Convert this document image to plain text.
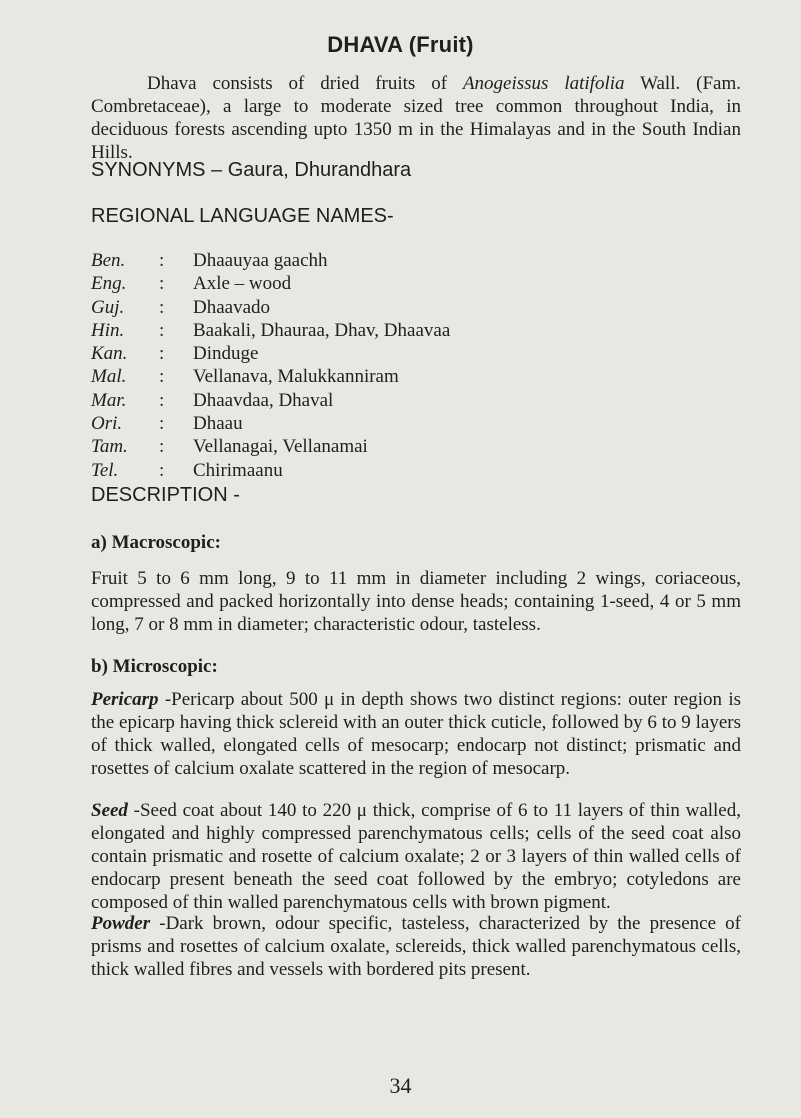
DHAVA (Fruit)
Dhava consists of dried fruits of Anogeissus latifolia Wall. (Fam. Combretaceae), a large to moderate sized tree common throughout India, in deciduous forests ascending upto 1350 m in the Himalayas and in the South Indian Hills.
SYNONYMS – Gaura, Dhurandhara
REGIONAL LANGUAGE NAMES-
Ben.	:	Dhaauyaa gaachh
Eng.	:	Axle – wood
Guj.	:	Dhaavado
Hin.	:	Baakali, Dhauraa, Dhav, Dhaavaa
Kan.	:	Dinduge
Mal.	:	Vellanava, Malukkanniram
Mar.	:	Dhaavdaa, Dhaval
Ori.	:	Dhaau
Tam.	:	Vellanagai, Vellanamai
Tel.	:	Chirimaanu
DESCRIPTION -
a) Macroscopic:
Fruit 5 to 6 mm long, 9 to 11 mm in diameter including 2 wings, coriaceous, compressed and packed horizontally into dense heads; containing 1-seed, 4 or 5 mm long, 7 or 8 mm in diameter; characteristic odour, tasteless.
b) Microscopic:
Pericarp -Pericarp about 500 μ in depth shows two distinct regions: outer region is the epicarp having thick sclereid with an outer thick cuticle, followed by 6 to 9 layers of thick walled, elongated cells of mesocarp; endocarp not distinct; prismatic and rosettes of calcium oxalate scattered in the region of mesocarp.
Seed -Seed coat about 140 to 220 μ thick, comprise of 6 to 11 layers of thin walled, elongated and highly compressed parenchymatous cells; cells of the seed coat also contain prismatic and rosette of calcium oxalate; 2 or 3 layers of thin walled cells of endocarp present beneath the seed coat followed by the embryo; cotyledons are composed of thin walled parenchymatous cells with brown pigment.
Powder -Dark brown, odour specific, tasteless, characterized by the presence of prisms and rosettes of calcium oxalate, sclereids, thick walled parenchymatous cells, thick walled fibres and vessels with bordered pits present.
34
